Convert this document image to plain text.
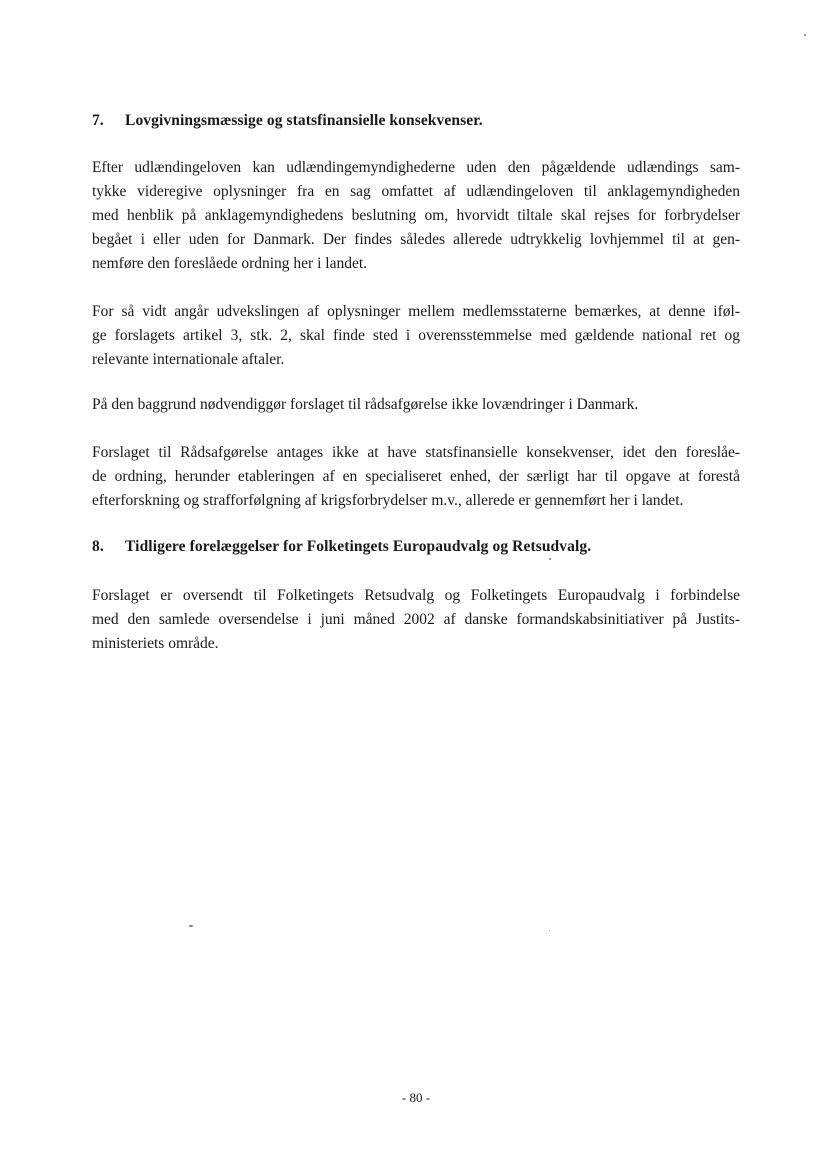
7. Lovgivningsmæssige og statsfinansielle konsekvenser.

Efter udlændingeloven kan udlændingemyndighederne uden den pågældende udlændings sam-
tykke videregive oplysninger fra en sag omfattet af udlændingeloven til anklagemyndigheden
med henblik på anklagemyndighedens beslutning om, hvorvidt tiltale skal rejses for forbrydelser
begået i eller uden for Danmark. Der findes således allerede udtrykkelig lovhjemmel til at gen-
nemføre den foreslåede ordning her i landet.

For så vidt angår udvekslingen af oplysninger mellem medlemsstaterne bemærkes, at denne iføl-
ge forslagets artikel 3, stk. 2, skal finde sted i overensstemmelse med gældende national ret og
relevante internationale aftaler.

På den baggrund nødvendiggør forslaget til rådsafgørelse ikke lovændringer i Danmark.

Forslaget til Rådsafgørelse antages ikke at have statsfinansielle konsekvenser, idet den foreslåe-
de ordning, herunder etableringen af en specialiseret enhed, der særligt har til opgave at forestå
efterforskning og strafforfølgning af krigsforbrydelser m.v., allerede er gennemført her i landet.

8. Tidligere forelæggelser for Folketingets Europaudvalg og Retsudvalg.

Forslaget er oversendt til Folketingets Retsudvalg og Folketingets Europaudvalg i forbindelse
med den samlede oversendelse i juni måned 2002 af danske formandskabsinitiativer på Justits-
ministeriets område.

- 80 -
